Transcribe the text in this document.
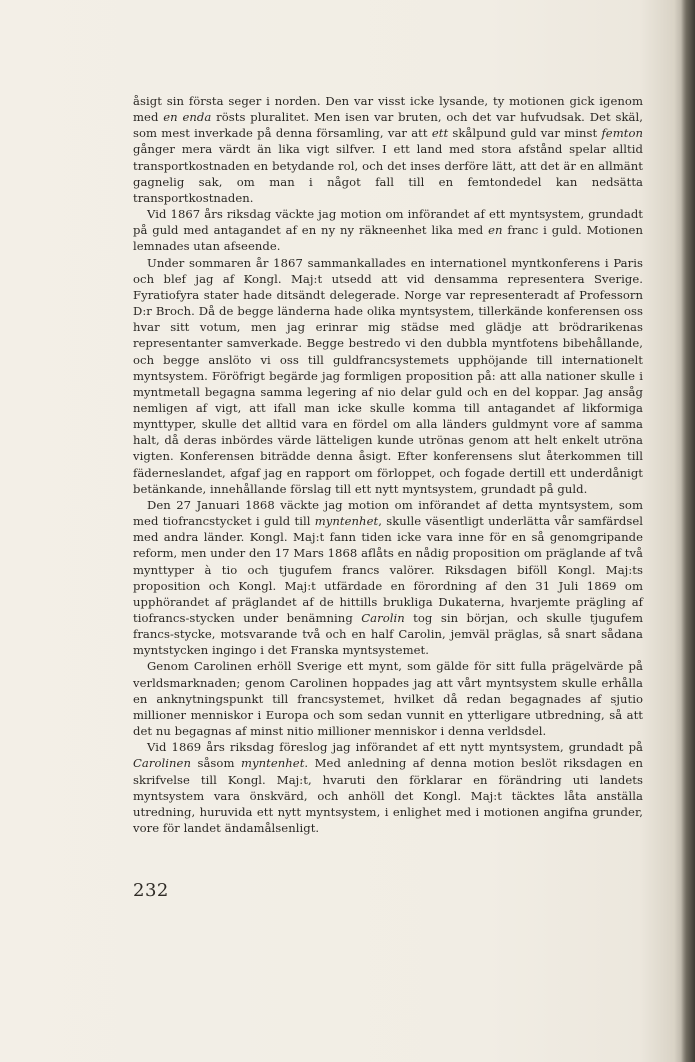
åsigt sin första seger i norden. Den var visst icke lysande, ty motionen gick igenom med en enda rösts pluralitet. Men isen var bruten, och det var hufvudsak. Det skäl, som mest inverkade på denna församling, var att ett skålpund guld var minst femton gånger mera värdt än lika vigt silfver. I ett land med stora afstånd spelar alltid transportkostnaden en betydande rol, och det inses derföre lätt, att det är en allmänt gagnelig sak, om man i något fall till en femtondedel kan nedsätta transportkostnaden.

Vid 1867 års riksdag väckte jag motion om införandet af ett myntsystem, grundadt på guld med antagandet af en ny ny räkneenhet lika med en franc i guld. Motionen lemnades utan afseende.

Under sommaren år 1867 sammankallades en internationel myntkonferens i Paris och blef jag af Kongl. Maj:t utsedd att vid densamma representera Sverige. Fyratiofyra stater hade ditsändt delegerade. Norge var representeradt af Professorn D:r Broch. Då de begge länderna hade olika myntsystem, tillerkände konferensen oss hvar sitt votum, men jag erinrar mig städse med glädje att brödrarikenas representanter samverkade. Begge bestredo vi den dubbla myntfotens bibehållande, och begge anslöto vi oss till guldfrancsystemets upphöjande till internationelt myntsystem. Föröfrigt begärde jag formligen proposition på: att alla nationer skulle i myntmetall begagna samma legering af nio delar guld och en del koppar. Jag ansåg nemligen af vigt, att ifall man icke skulle komma till antagandet af likformiga mynttyper, skulle det alltid vara en fördel om alla länders guldmynt vore af samma halt, då deras inbördes värde lätteligen kunde utrönas genom att helt enkelt utröna vigten. Konferensen biträdde denna åsigt. Efter konferensens slut återkommen till fäderneslandet, afgaf jag en rapport om förloppet, och fogade dertill ett underdånigt betänkande, innehållande förslag till ett nytt myntsystem, grundadt på guld.

Den 27 Januari 1868 väckte jag motion om införandet af detta myntsystem, som med tiofrancstycket i guld till myntenhet, skulle väsentligt underlätta vår samfärdsel med andra länder. Kongl. Maj:t fann tiden icke vara inne för en så genomgripande reform, men under den 17 Mars 1868 aflåts en nådig proposition om präglande af två mynttyper à tio och tjugufem francs valörer. Riksdagen biföll Kongl. Maj:ts proposition och Kongl. Maj:t utfärdade en förordning af den 31 Juli 1869 om upphörandet af präglandet af de hittills brukliga Dukaterna, hvarjemte prägling af tiofrancs-stycken under benämning Carolin tog sin början, och skulle tjugufem francs-stycke, motsvarande två och en half Carolin, jemväl präglas, så snart sådana myntstycken ingingo i det Franska myntsystemet.

Genom Carolinen erhöll Sverige ett mynt, som gälde för sitt fulla prägelvärde på verldsmarknaden; genom Carolinen hoppades jag att vårt myntsystem skulle erhålla en anknytningspunkt till francsystemet, hvilket då redan begagnades af sjutio millioner menniskor i Europa och som sedan vunnit en ytterligare utbredning, så att det nu begagnas af minst nitio millioner menniskor i denna verldsdel.

Vid 1869 års riksdag föreslog jag införandet af ett nytt myntsystem, grundadt på Carolinen såsom myntenhet. Med anledning af denna motion beslöt riksdagen en skrifvelse till Kongl. Maj:t, hvaruti den förklarar en förändring uti landets myntsystem vara önskvärd, och anhöll det Kongl. Maj:t täcktes låta anställa utredning, huruvida ett nytt myntsystem, i enlighet med i motionen angifna grunder, vore för landet ändamålsenligt.

232
